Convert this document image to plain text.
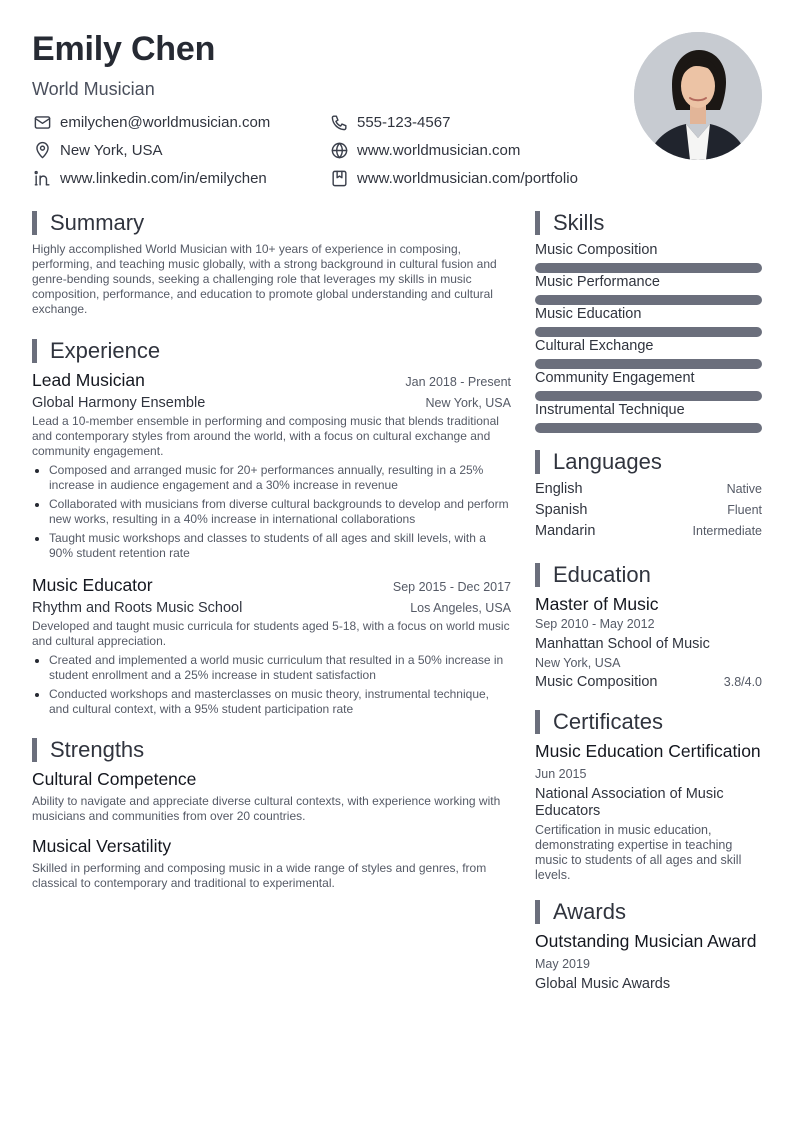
Emily Chen
World Musician
emilychen@worldmusician.com	555-123-4567
New York, USA	www.worldmusician.com
www.linkedin.com/in/emilychen	www.worldmusician.com/portfolio
Summary
Highly accomplished World Musician with 10+ years of experience in composing, performing, and teaching music globally, with a strong background in cultural fusion and genre-bending sounds, seeking a challenging role that leverages my skills in music composition, performance, and education to promote global understanding and cultural exchange.
Experience
Lead Musician	Jan 2018 - Present
Global Harmony Ensemble	New York, USA
Lead a 10-member ensemble in performing and composing music that blends traditional and contemporary styles from around the world, with a focus on cultural exchange and community engagement.
Composed and arranged music for 20+ performances annually, resulting in a 25% increase in audience engagement and a 30% increase in revenue
Collaborated with musicians from diverse cultural backgrounds to develop and perform new works, resulting in a 40% increase in international collaborations
Taught music workshops and classes to students of all ages and skill levels, with a 90% student retention rate
Music Educator	Sep 2015 - Dec 2017
Rhythm and Roots Music School	Los Angeles, USA
Developed and taught music curricula for students aged 5-18, with a focus on world music and cultural appreciation.
Created and implemented a world music curriculum that resulted in a 50% increase in student enrollment and a 25% increase in student satisfaction
Conducted workshops and masterclasses on music theory, instrumental technique, and cultural context, with a 95% student participation rate
Strengths
Cultural Competence
Ability to navigate and appreciate diverse cultural contexts, with experience working with musicians and communities from over 20 countries.
Musical Versatility
Skilled in performing and composing music in a wide range of styles and genres, from classical to contemporary and traditional to experimental.
Skills
Music Composition
Music Performance
Music Education
Cultural Exchange
Community Engagement
Instrumental Technique
Languages
English	Native
Spanish	Fluent
Mandarin	Intermediate
Education
Master of Music
Sep 2010 - May 2012
Manhattan School of Music
New York, USA
Music Composition	3.8/4.0
Certificates
Music Education Certification
Jun 2015
National Association of Music Educators
Certification in music education, demonstrating expertise in teaching music to students of all ages and skill levels.
Awards
Outstanding Musician Award
May 2019
Global Music Awards
